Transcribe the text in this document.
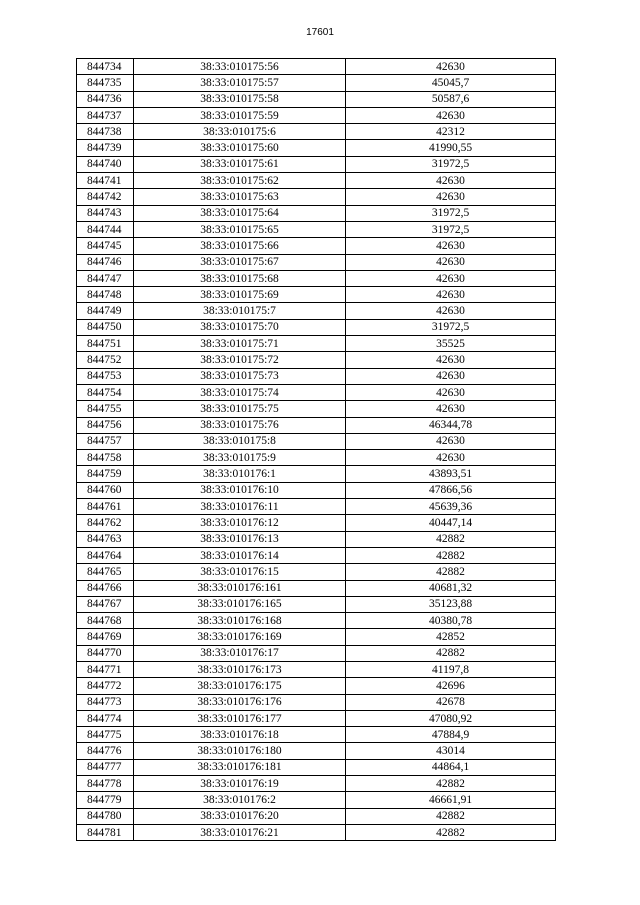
17601
844734	38:33:010175:56	42630
844735	38:33:010175:57	45045,7
844736	38:33:010175:58	50587,6
844737	38:33:010175:59	42630
844738	38:33:010175:6	42312
844739	38:33:010175:60	41990,55
844740	38:33:010175:61	31972,5
844741	38:33:010175:62	42630
844742	38:33:010175:63	42630
844743	38:33:010175:64	31972,5
844744	38:33:010175:65	31972,5
844745	38:33:010175:66	42630
844746	38:33:010175:67	42630
844747	38:33:010175:68	42630
844748	38:33:010175:69	42630
844749	38:33:010175:7	42630
844750	38:33:010175:70	31972,5
844751	38:33:010175:71	35525
844752	38:33:010175:72	42630
844753	38:33:010175:73	42630
844754	38:33:010175:74	42630
844755	38:33:010175:75	42630
844756	38:33:010175:76	46344,78
844757	38:33:010175:8	42630
844758	38:33:010175:9	42630
844759	38:33:010176:1	43893,51
844760	38:33:010176:10	47866,56
844761	38:33:010176:11	45639,36
844762	38:33:010176:12	40447,14
844763	38:33:010176:13	42882
844764	38:33:010176:14	42882
844765	38:33:010176:15	42882
844766	38:33:010176:161	40681,32
844767	38:33:010176:165	35123,88
844768	38:33:010176:168	40380,78
844769	38:33:010176:169	42852
844770	38:33:010176:17	42882
844771	38:33:010176:173	41197,8
844772	38:33:010176:175	42696
844773	38:33:010176:176	42678
844774	38:33:010176:177	47080,92
844775	38:33:010176:18	47884,9
844776	38:33:010176:180	43014
844777	38:33:010176:181	44864,1
844778	38:33:010176:19	42882
844779	38:33:010176:2	46661,91
844780	38:33:010176:20	42882
844781	38:33:010176:21	42882
